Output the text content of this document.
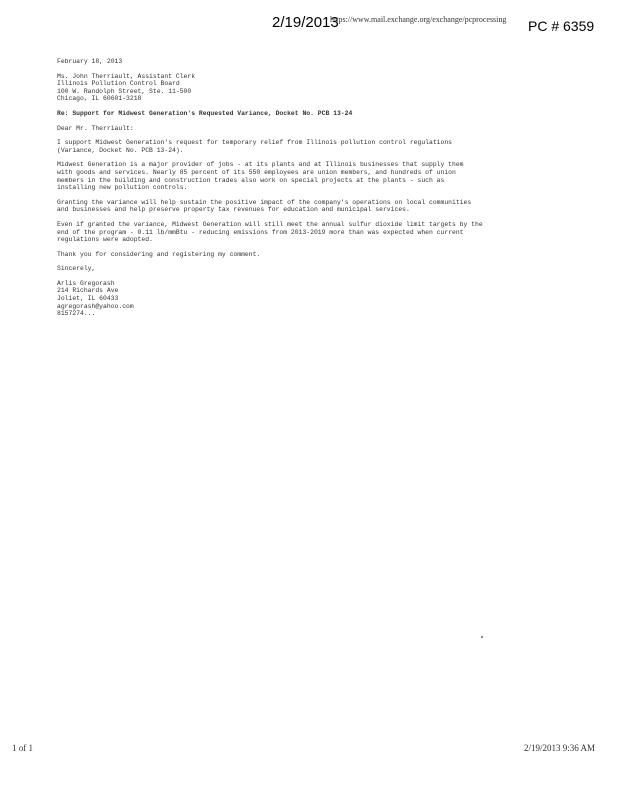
2/19/2013
https://www.mail.exchange.org/exchange/pcprocessing PC # 6359

February 18, 2013

Ms. John Therriault, Assistant Clerk
Illinois Pollution Control Board
100 W. Randolph Street, Ste. 11-500
Chicago, IL 60601-3218

Re: Support for Midwest Generation's Requested Variance, Docket No. PCB 13-24

Dear Mr. Therriault:

I support Midwest Generation's request for temporary relief from Illinois pollution control regulations
(Variance, Docket No. PCB 13-24).

Midwest Generation is a major provider of jobs - at its plants and at Illinois businesses that supply them
with goods and services. Nearly 85 percent of its 550 employees are union members, and hundreds of union
members in the building and construction trades also work on special projects at the plants - such as
installing new pollution controls.

Granting the variance will help sustain the positive impact of the company's operations on local communities
and businesses and help preserve property tax revenues for education and municipal services.

Even if granted the variance, Midwest Generation will still meet the annual sulfur dioxide limit targets by the
end of the program - 0.11 lb/mmBtu - reducing emissions from 2013-2019 more than was expected when current
regulations were adopted.

Thank you for considering and registering my comment.

Sincerely,

Arlis Gregorash
214 Richards Ave
Joliet, IL 60433
agregorash@yahoo.com
8157274...

1 of 1	2/19/2013 9:36 AM
